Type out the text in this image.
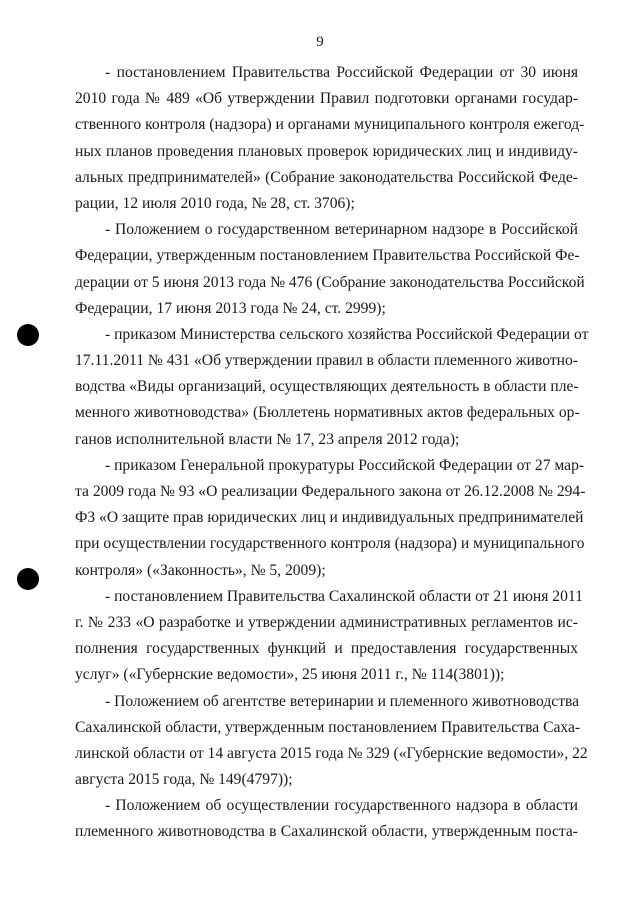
9
- постановлением Правительства Российской Федерации от 30 июня
2010 года № 489 «Об утверждении Правил подготовки органами государ-
ственного контроля (надзора) и органами муниципального контроля ежегод-
ных планов проведения плановых проверок юридических лиц и индивиду-
альных предпринимателей» (Собрание законодательства Российской Феде-
рации, 12 июля 2010 года, № 28, ст. 3706);
- Положением о государственном ветеринарном надзоре в Российской
Федерации, утвержденным постановлением Правительства Российской Фе-
дерации от 5 июня 2013 года № 476 (Собрание законодательства Российской
Федерации, 17 июня 2013 года № 24, ст. 2999);
- приказом Министерства сельского хозяйства Российской Федерации от
17.11.2011 № 431 «Об утверждении правил в области племенного животно-
водства «Виды организаций, осуществляющих деятельность в области пле-
менного животноводства» (Бюллетень нормативных актов федеральных ор-
ганов исполнительной власти № 17, 23 апреля 2012 года);
- приказом Генеральной прокуратуры Российской Федерации от 27 мар-
та 2009 года № 93 «О реализации Федерального закона от 26.12.2008 № 294-
ФЗ «О защите прав юридических лиц и индивидуальных предпринимателей
при осуществлении государственного контроля (надзора) и муниципального
контроля» («Законность», № 5, 2009);
- постановлением Правительства Сахалинской области от 21 июня 2011
г. № 233 «О разработке и утверждении административных регламентов ис-
полнения государственных функций и предоставления государственных
услуг» («Губернские ведомости», 25 июня 2011 г., № 114(3801));
- Положением об агентстве ветеринарии и племенного животноводства
Сахалинской области, утвержденным постановлением Правительства Саха-
линской области от 14 августа 2015 года № 329 («Губернские ведомости», 22
августа 2015 года, № 149(4797));
- Положением об осуществлении государственного надзора в области
племенного животноводства в Сахалинской области, утвержденным поста-
